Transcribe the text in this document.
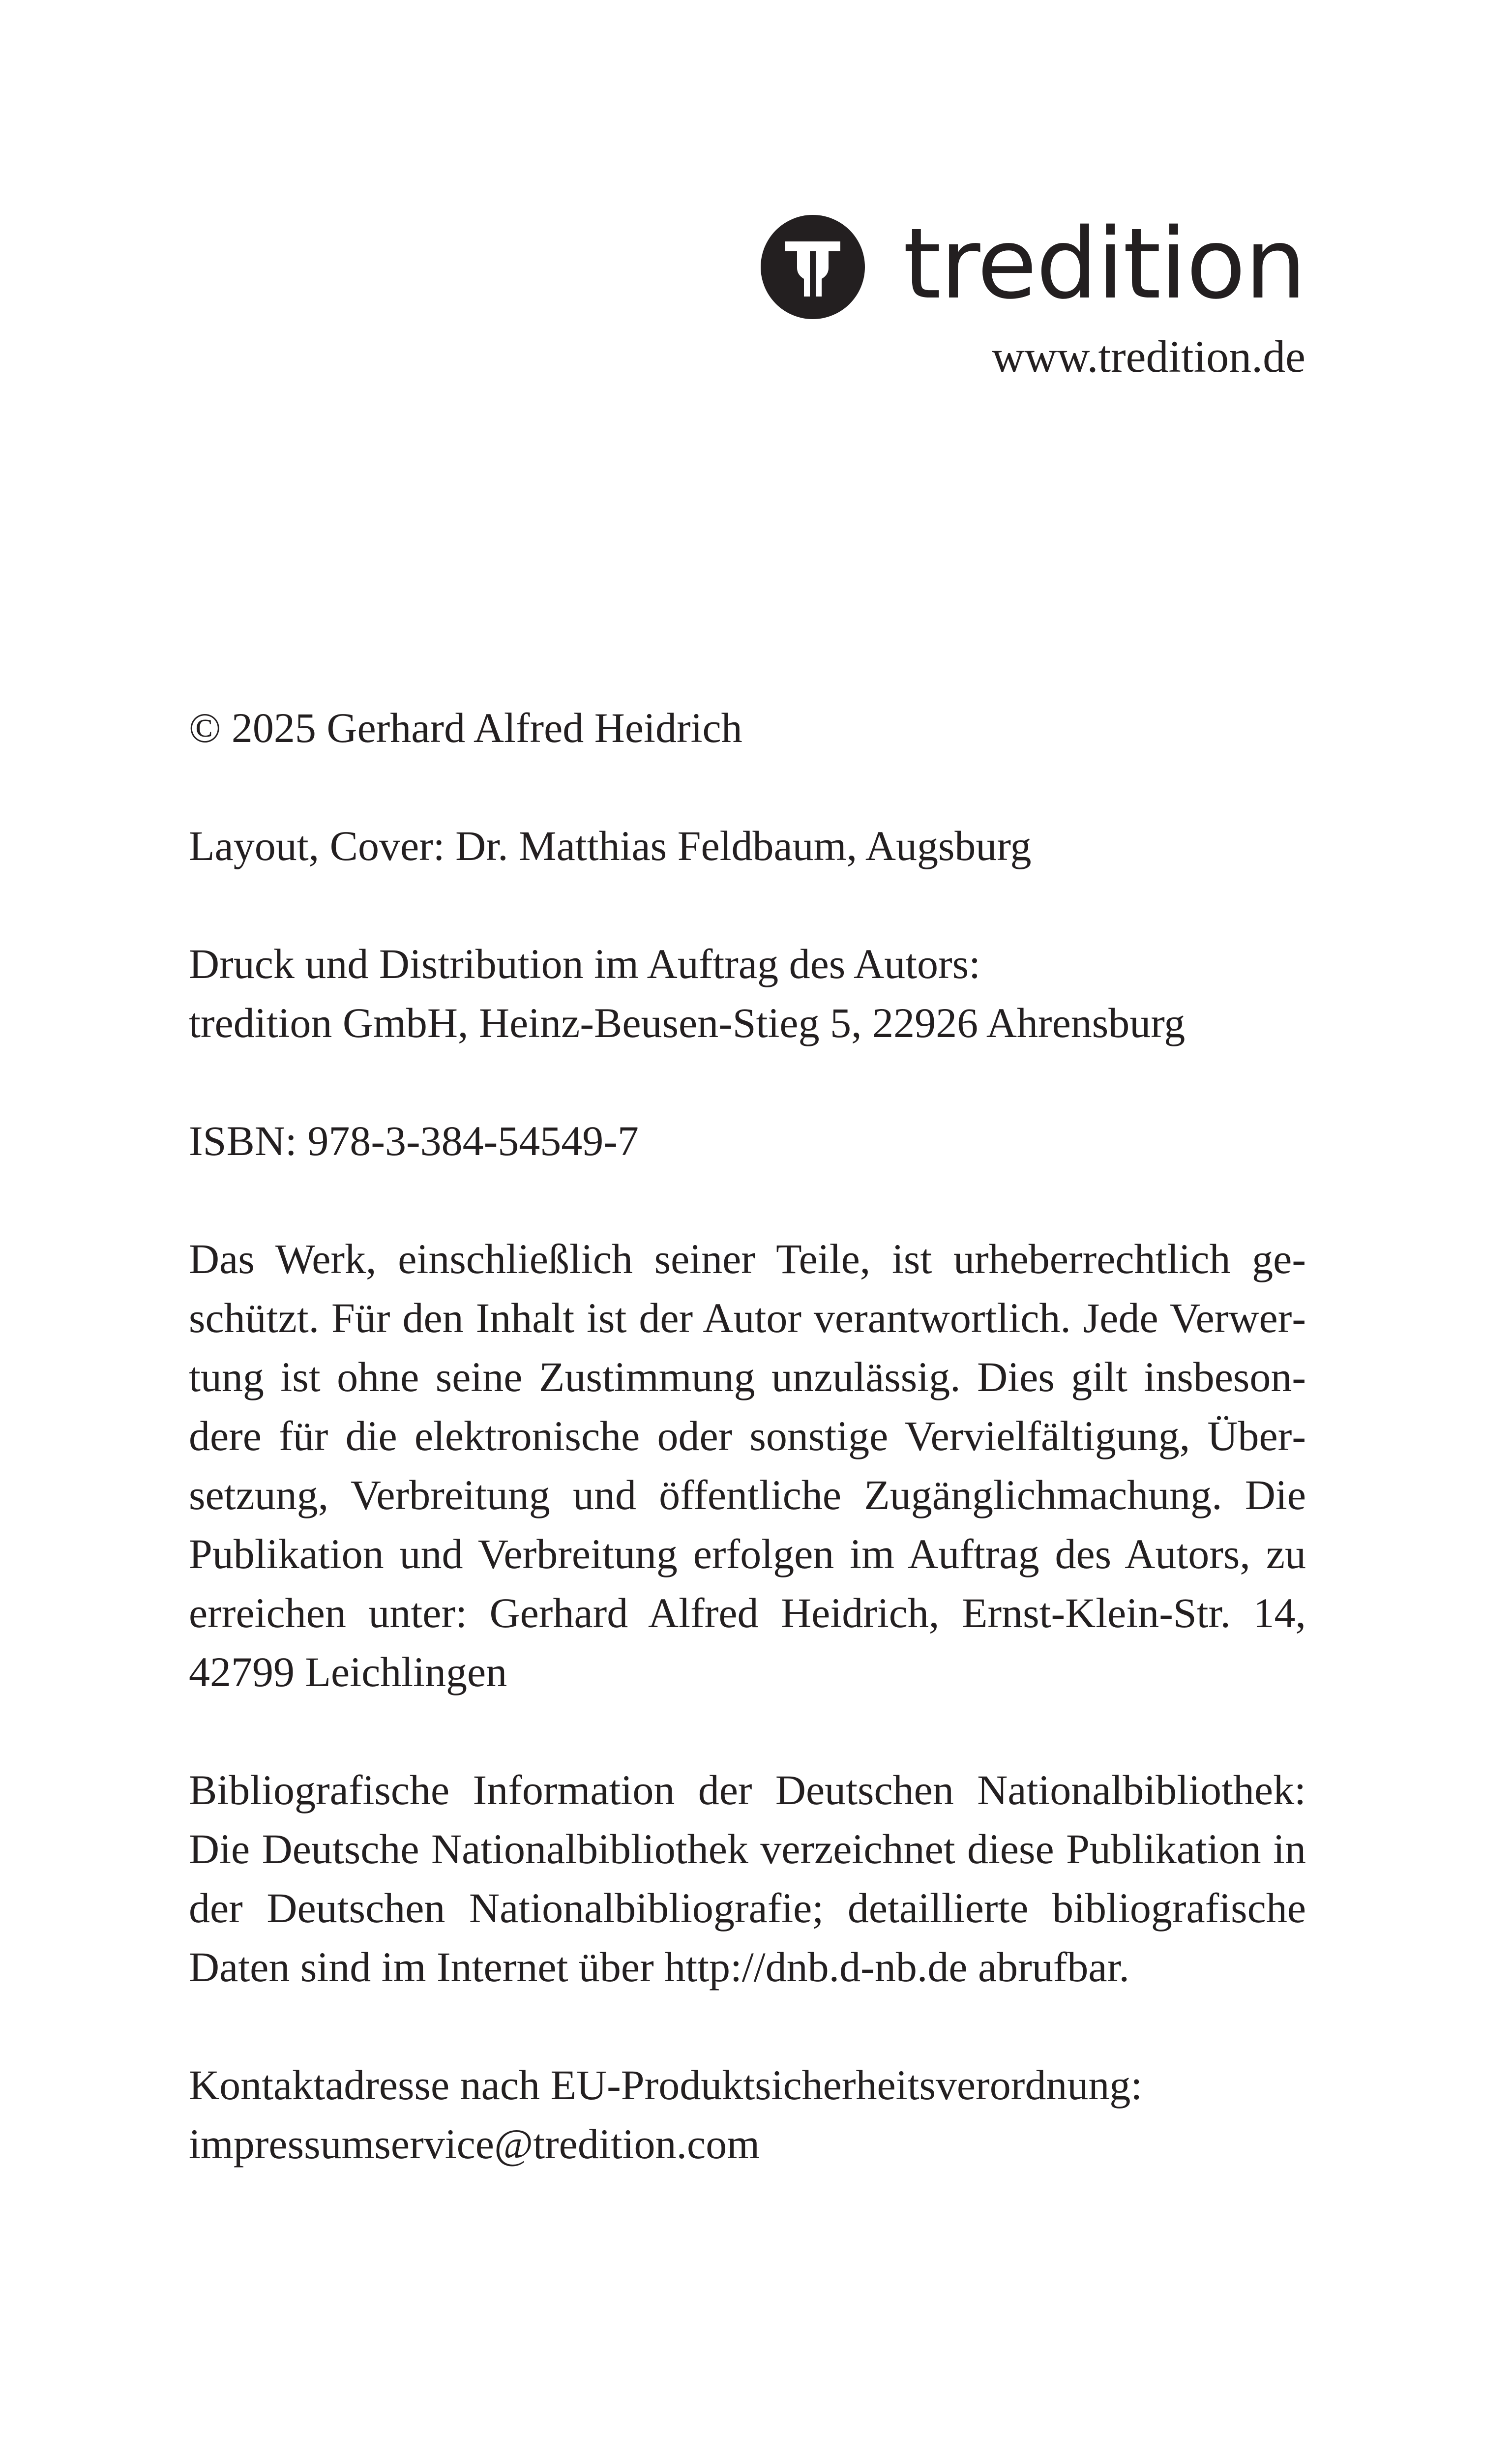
tredition
www.tredition.de

© 2025 Gerhard Alfred Heidrich

Layout, Cover: Dr. Matthias Feldbaum, Augsburg

Druck und Distribution im Auftrag des Autors:
tredition GmbH, Heinz-Beusen-Stieg 5, 22926 Ahrensburg

ISBN: 978-3-384-54549-7

Das Werk, einschließlich seiner Teile, ist urheberrechtlich geschützt. Für den Inhalt ist der Autor verantwortlich. Jede Verwertung ist ohne seine Zustimmung unzulässig. Dies gilt insbesondere für die elektronische oder sonstige Vervielfältigung, Übersetzung, Verbreitung und öffentliche Zugänglichmachung. Die Publikation und Verbreitung erfolgen im Auftrag des Autors, zu erreichen unter: Gerhard Alfred Heidrich, Ernst-Klein-Str. 14, 42799 Leichlingen

Bibliografische Information der Deutschen Nationalbibliothek: Die Deutsche Nationalbibliothek verzeichnet diese Publikation in der Deutschen Nationalbibliografie; detaillierte bibliografische Daten sind im Internet über http://dnb.d-nb.de abrufbar.

Kontaktadresse nach EU-Produktsicherheitsverordnung:
impressumservice@tredition.com
